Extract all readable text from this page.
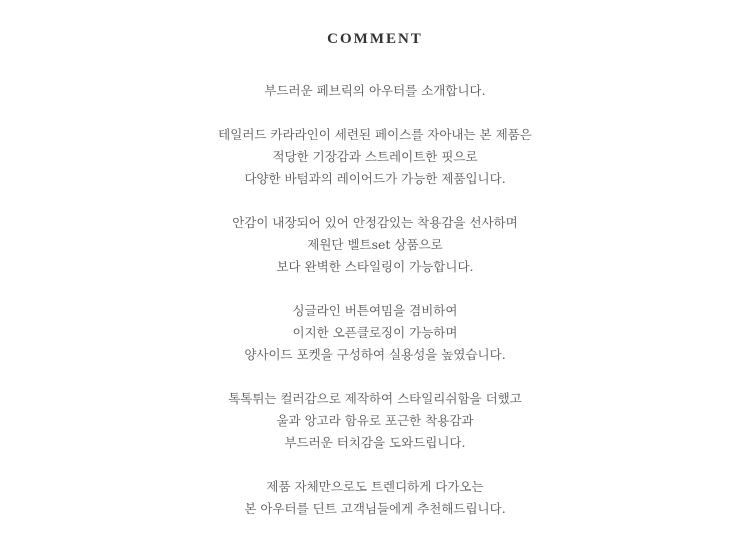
COMMENT
부드러운 페브릭의 아우터를 소개합니다.
테일러드 카라라인이 세련된 페이스를 자아내는 본 제품은
적당한 기장감과 스트레이트한 핏으로
다양한 바텀과의 레이어드가 가능한 제품입니다.
안감이 내장되어 있어 안정감있는 착용감을 선사하며
제원단 벨트set 상품으로
보다 완벽한 스타일링이 가능합니다.
싱글라인 버튼여밈을 겸비하여
이지한 오픈클로징이 가능하며
양사이드 포켓을 구성하여 실용성을 높였습니다.
톡톡튀는 컬러감으로 제작하여 스타일리쉬함을 더했고
울과 앙고라 함유로 포근한 착용감과
부드러운 터치감을 도와드립니다.
제품 자체만으로도 트렌디하게 다가오는
본 아우터를 딘트 고객님들에게 추천해드립니다.
